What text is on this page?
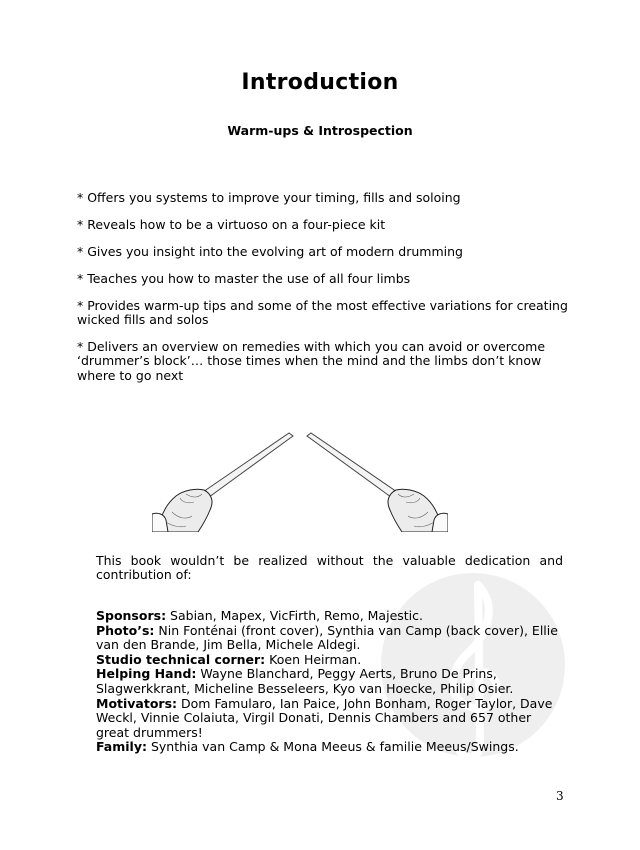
Introduction
Warm-ups & Introspection
* Offers you systems to improve your timing, fills and soloing
* Reveals how to be a virtuoso on a four-piece kit
* Gives you insight into the evolving art of modern drumming
* Teaches you how to master the use of all four limbs
* Provides warm-up tips and some of the most effective variations for creating wicked fills and solos
* Delivers an overview on remedies with which you can avoid or overcome ‘drummer’s block’… those times when the mind and the limbs don’t know where to go next

This book wouldn’t be realized without the valuable dedication and contribution of:

Sponsors: Sabian, Mapex, VicFirth, Remo, Majestic.

Photo’s: Nin Fonténai (front cover), Synthia van Camp (back cover), Ellie van den Brande, Jim Bella, Michele Aldegi.

Studio technical corner: Koen Heirman.

Helping Hand: Wayne Blanchard, Peggy Aerts, Bruno De Prins, Slagwerkkrant, Micheline Besseleers, Kyo van Hoecke, Philip Osier.

Motivators: Dom Famularo, Ian Paice, John Bonham, Roger Taylor, Dave Weckl, Vinnie Colaiuta, Virgil Donati, Dennis Chambers and 657 other great drummers!

Family: Synthia van Camp & Mona Meeus & familie Meeus/Swings.

3
